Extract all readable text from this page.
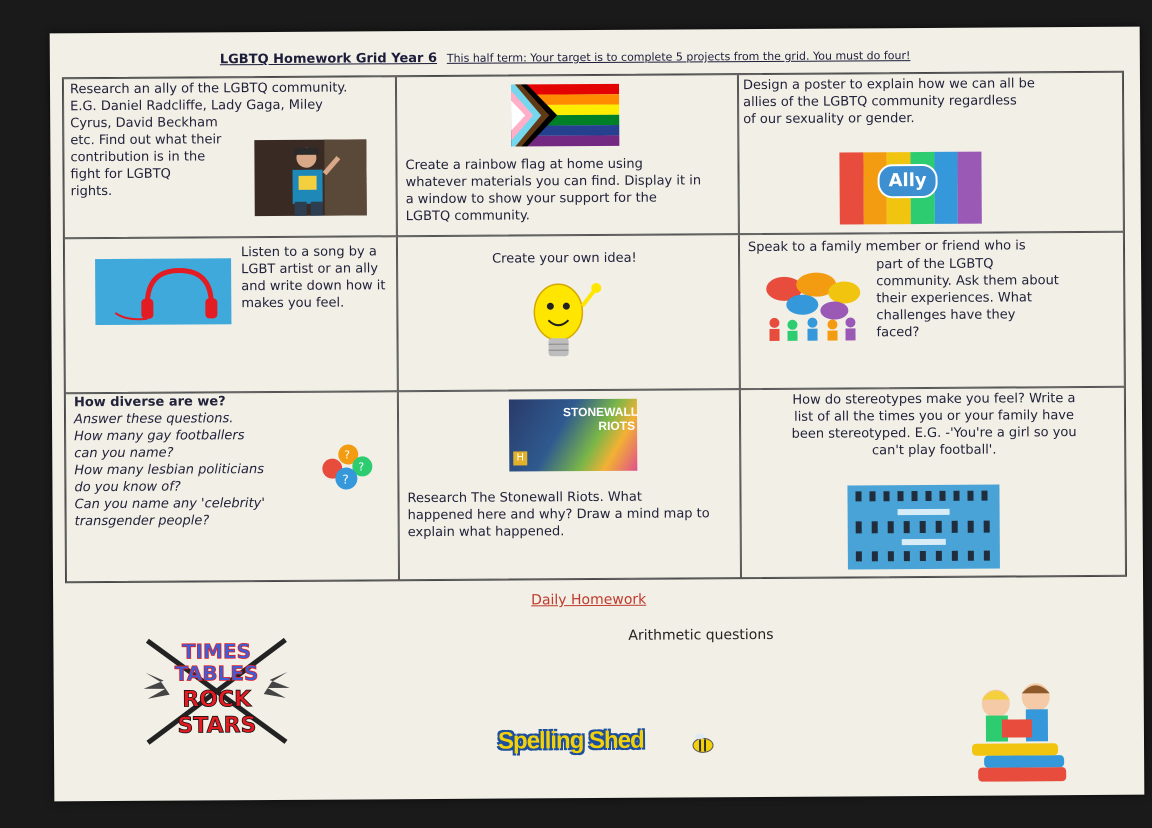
LGBTQ Homework Grid Year 6 This half term: Your target is to complete 5 projects from the grid. You must do four!
Research an ally of the LGBTQ community.
E.G. Daniel Radcliffe, Lady Gaga, Miley
Cyrus, David Beckham
etc. Find out what their
contribution is in the
fight for LGBTQ
rights.
Create a rainbow flag at home using
whatever materials you can find. Display it in
a window to show your support for the
LGBTQ community.
Design a poster to explain how we can all be
allies of the LGBTQ community regardless
of our sexuality or gender.
Ally
Listen to a song by a
LGBT artist or an ally
and write down how it
makes you feel.
Create your own idea!
Speak to a family member or friend who is
part of the LGBTQ
community. Ask them about
their experiences. What
challenges have they
faced?
How diverse are we?
Answer these questions.
How many gay footballers
can you name?
How many lesbian politicians
do you know of?
Can you name any 'celebrity'
transgender people?
?
?
?
STONEWALL
RIOTS
H
Research The Stonewall Riots. What
happened here and why? Draw a mind map to
explain what happened.
How do stereotypes make you feel? Write a
list of all the times you or your family have
been stereotyped. E.G. -'You're a girl so you
can't play football'.
Daily Homework
Arithmetic questions
TIMES
TABLES
ROCK
STARS
Spelling Shed
